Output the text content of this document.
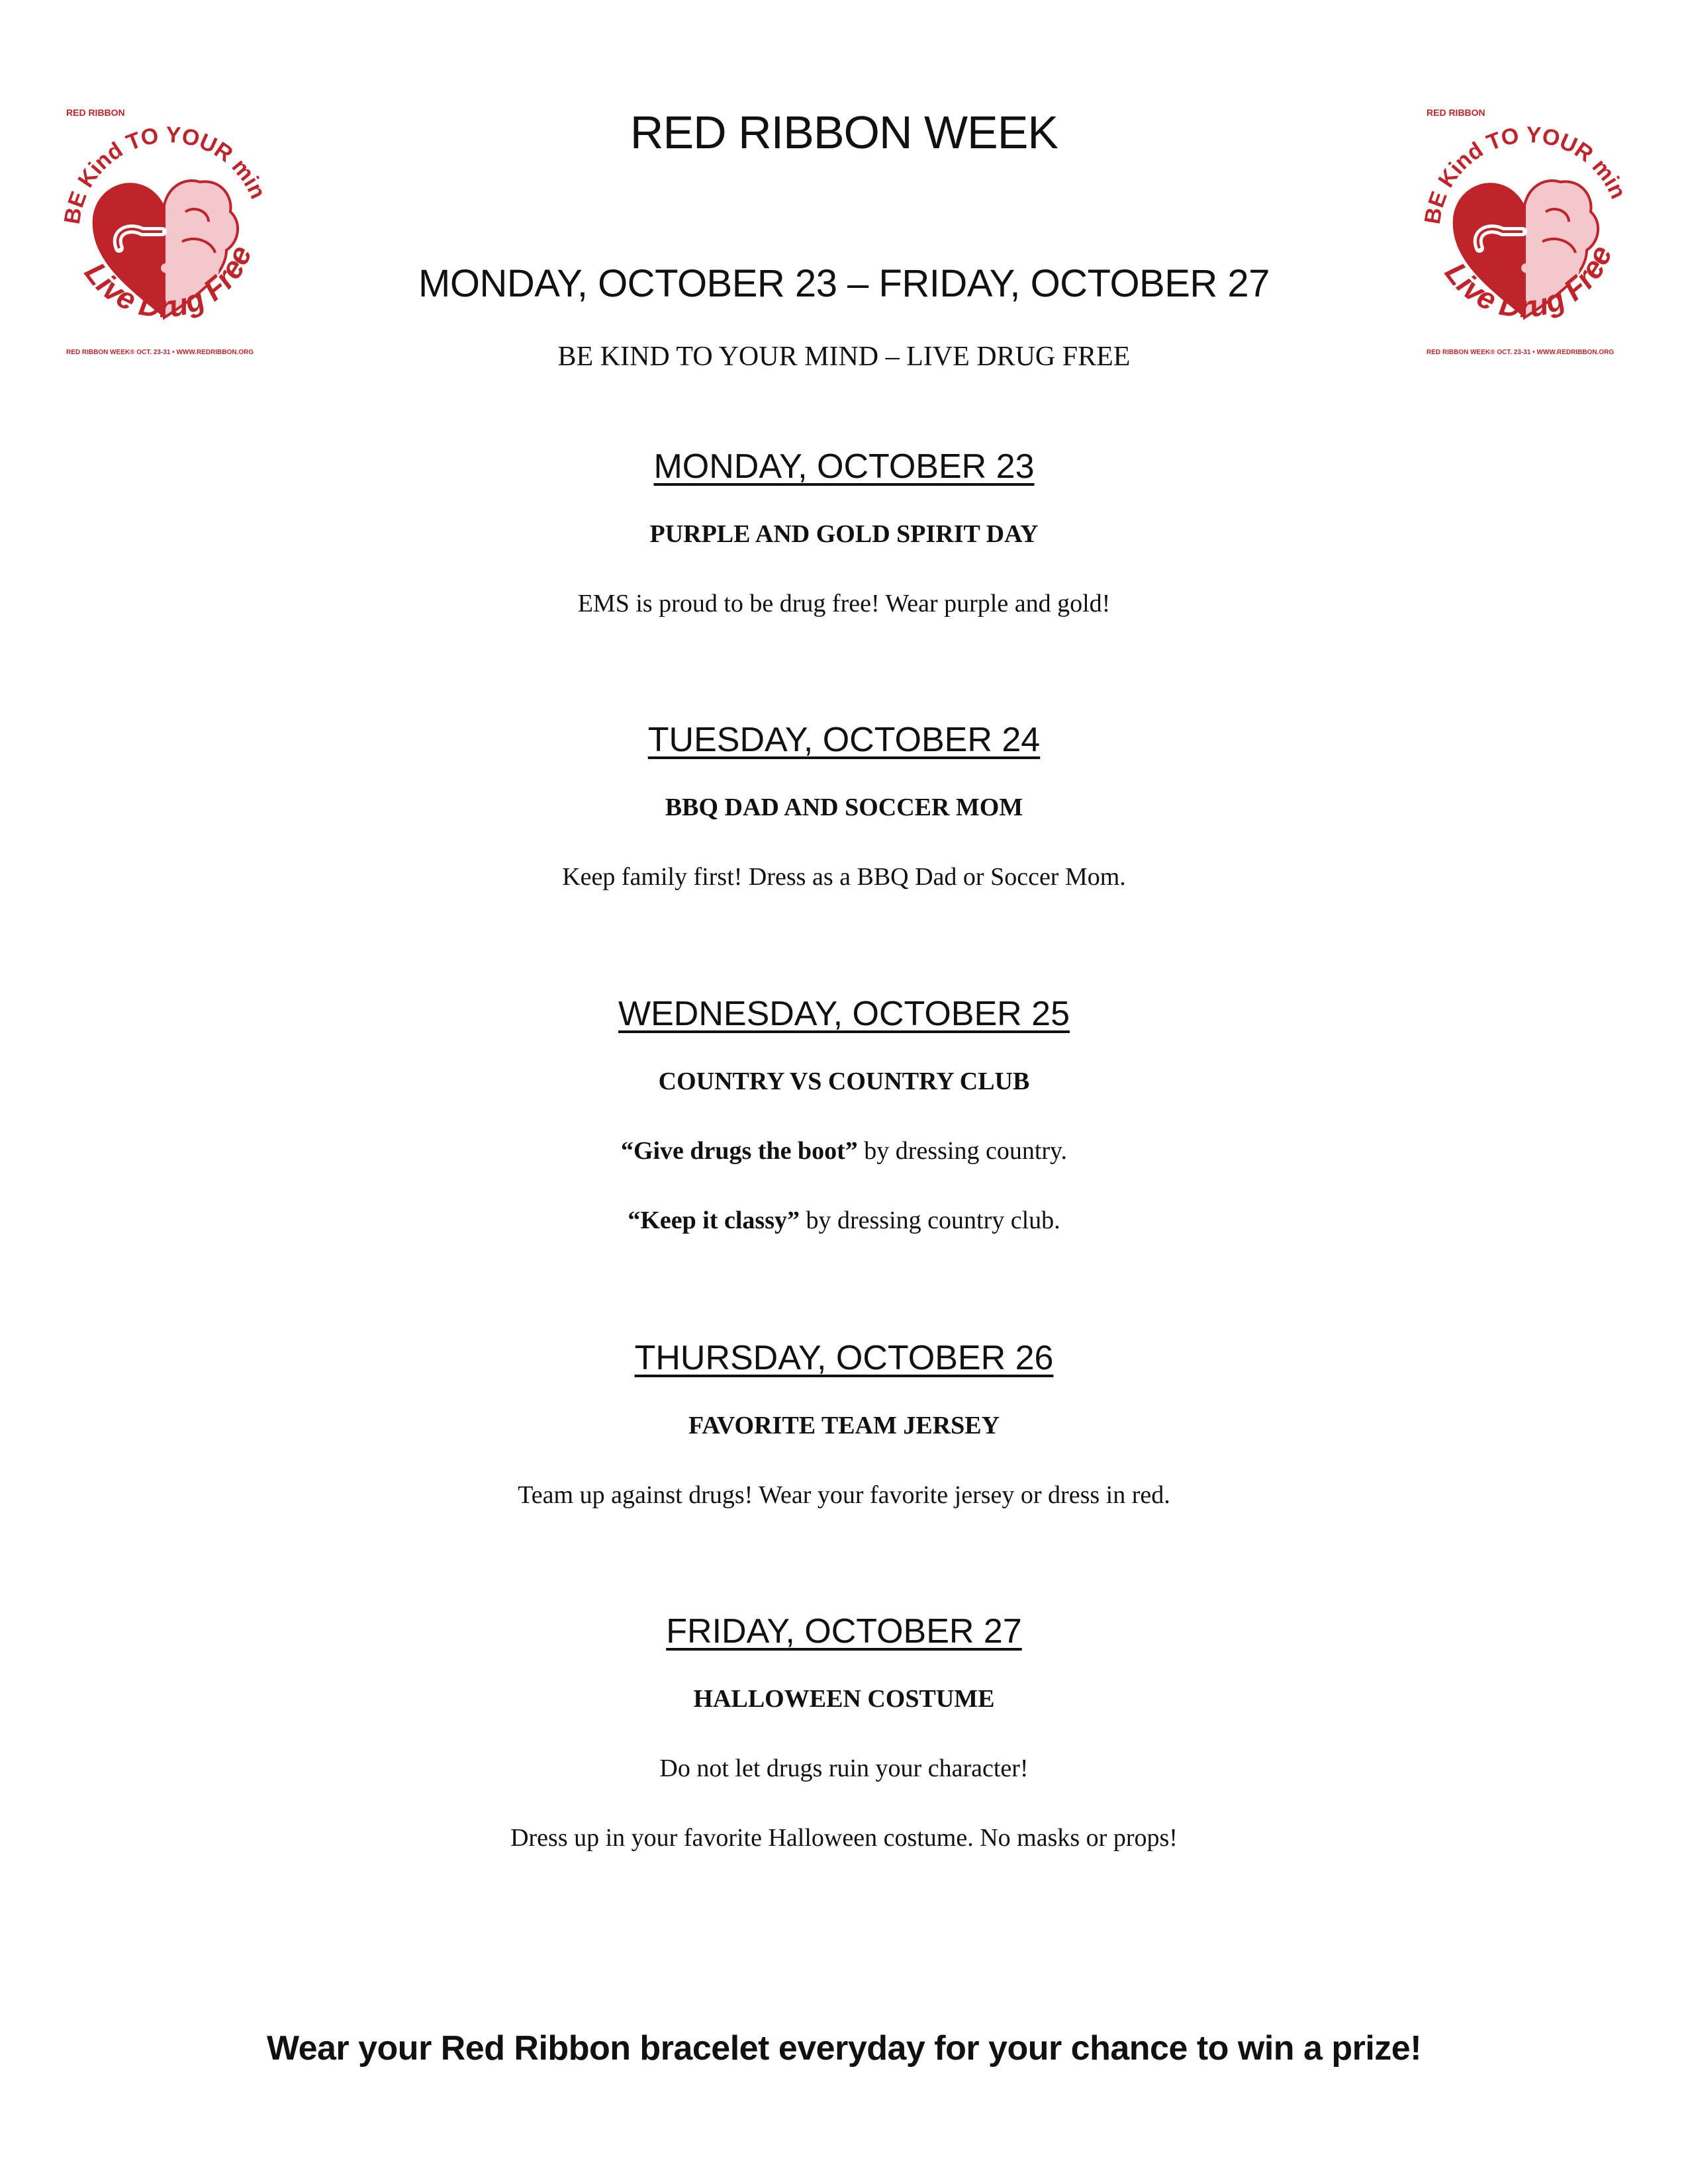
RED RIBBON
BE Kind TO YOUR min
Live Drug Free
RED RIBBON WEEK® OCT. 23-31 • WWW.REDRIBBON.ORG
RED RIBBON
BE Kind TO YOUR min
Live Drug Free
RED RIBBON WEEK® OCT. 23-31 • WWW.REDRIBBON.ORG
RED RIBBON WEEK
MONDAY, OCTOBER 23 – FRIDAY, OCTOBER 27
BE KIND TO YOUR MIND – LIVE DRUG FREE
MONDAY, OCTOBER 23
PURPLE AND GOLD SPIRIT DAY
EMS is proud to be drug free! Wear purple and gold!
TUESDAY, OCTOBER 24
BBQ DAD AND SOCCER MOM
Keep family first! Dress as a BBQ Dad or Soccer Mom.
WEDNESDAY, OCTOBER 25
COUNTRY VS COUNTRY CLUB
“Give drugs the boot” by dressing country.
“Keep it classy” by dressing country club.
THURSDAY, OCTOBER 26
FAVORITE TEAM JERSEY
Team up against drugs! Wear your favorite jersey or dress in red.
FRIDAY, OCTOBER 27
HALLOWEEN COSTUME
Do not let drugs ruin your character!
Dress up in your favorite Halloween costume. No masks or props!
Wear your Red Ribbon bracelet everyday for your chance to win a prize!
